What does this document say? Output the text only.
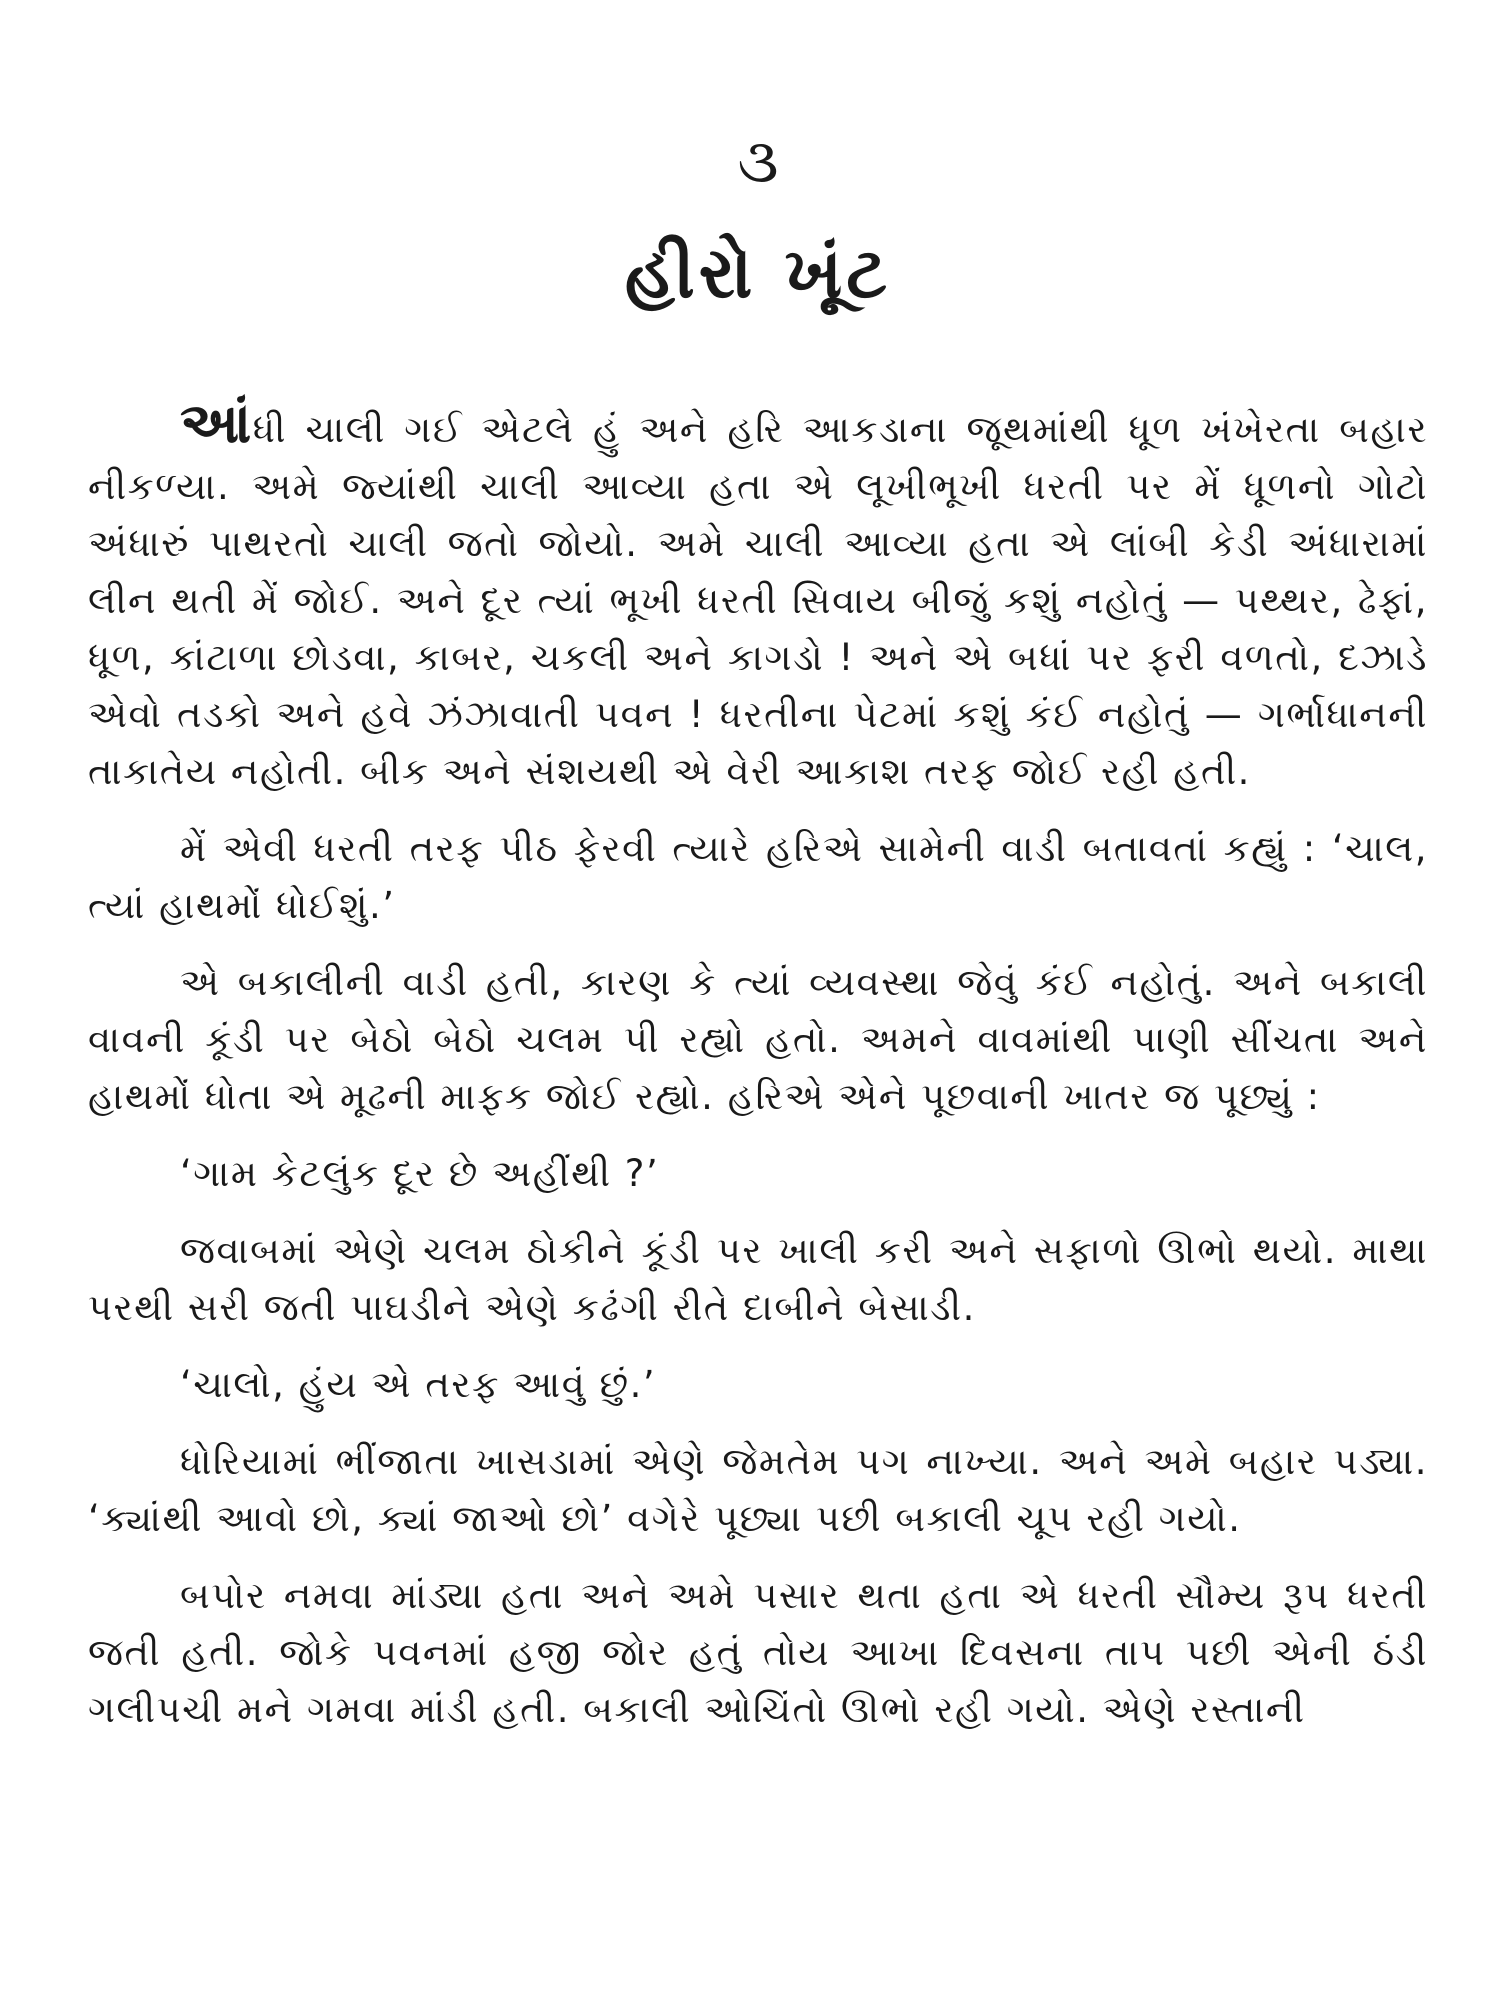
૩
હીરો ખૂંટ

આંધી ચાલી ગઈ એટલે હું અને હરિ આકડાના જૂથમાંથી ધૂળ ખંખેરતા બહાર નીકળ્યા. અમે જ્યાંથી ચાલી આવ્યા હતા એ લૂખીભૂખી ધરતી પર મેં ધૂળનો ગોટો અંધારું પાથરતો ચાલી જતો જોયો. અમે ચાલી આવ્યા હતા એ લાંબી કેડી અંધારામાં લીન થતી મેં જોઈ. અને દૂર ત્યાં ભૂખી ધરતી સિવાય બીજું કશું નહોતું — પથ્થર, ઢેફાં, ધૂળ, કાંટાળા છોડવા, કાબર, ચકલી અને કાગડો ! અને એ બધાં પર ફરી વળતો, દઝાડે એવો તડકો અને હવે ઝંઝાવાતી પવન ! ધરતીના પેટમાં કશું કંઈ નહોતું — ગર્ભાધાનની તાકાતેય નહોતી. બીક અને સંશયથી એ વેરી આકાશ તરફ જોઈ રહી હતી.

મેં એવી ધરતી તરફ પીઠ ફેરવી ત્યારે હરિએ સામેની વાડી બતાવતાં કહ્યું : ‘ચાલ, ત્યાં હાથમોં ધોઈશું.’

એ બકાલીની વાડી હતી, કારણ કે ત્યાં વ્યવસ્થા જેવું કંઈ નહોતું. અને બકાલી વાવની કૂંડી પર બેઠો બેઠો ચલમ પી રહ્યો હતો. અમને વાવમાંથી પાણી સીંચતા અને હાથમોં ધોતા એ મૂઢની માફક જોઈ રહ્યો. હરિએ એને પૂછવાની ખાતર જ પૂછ્યું :

‘ગામ કેટલુંક દૂર છે અહીંથી ?’

જવાબમાં એણે ચલમ ઠોકીને કૂંડી પર ખાલી કરી અને સફાળો ઊભો થયો. માથા પરથી સરી જતી પાઘડીને એણે કઢંગી રીતે દાબીને બેસાડી.

‘ચાલો, હુંય એ તરફ આવું છું.’

ધોરિયામાં ભીંજાતા ખાસડામાં એણે જેમતેમ પગ નાખ્યા. અને અમે બહાર પડ્યા. ‘ક્યાંથી આવો છો, ક્યાં જાઓ છો’ વગેરે પૂછ્યા પછી બકાલી ચૂપ રહી ગયો.

બપોર નમવા માંડ્યા હતા અને અમે પસાર થતા હતા એ ધરતી સૌમ્ય રૂપ ધરતી જતી હતી. જોકે પવનમાં હજી જોર હતું તોય આખા દિવસના તાપ પછી એની ઠંડી ગલીપચી મને ગમવા માંડી હતી. બકાલી ઓચિંતો ઊભો રહી ગયો. એણે રસ્તાની
